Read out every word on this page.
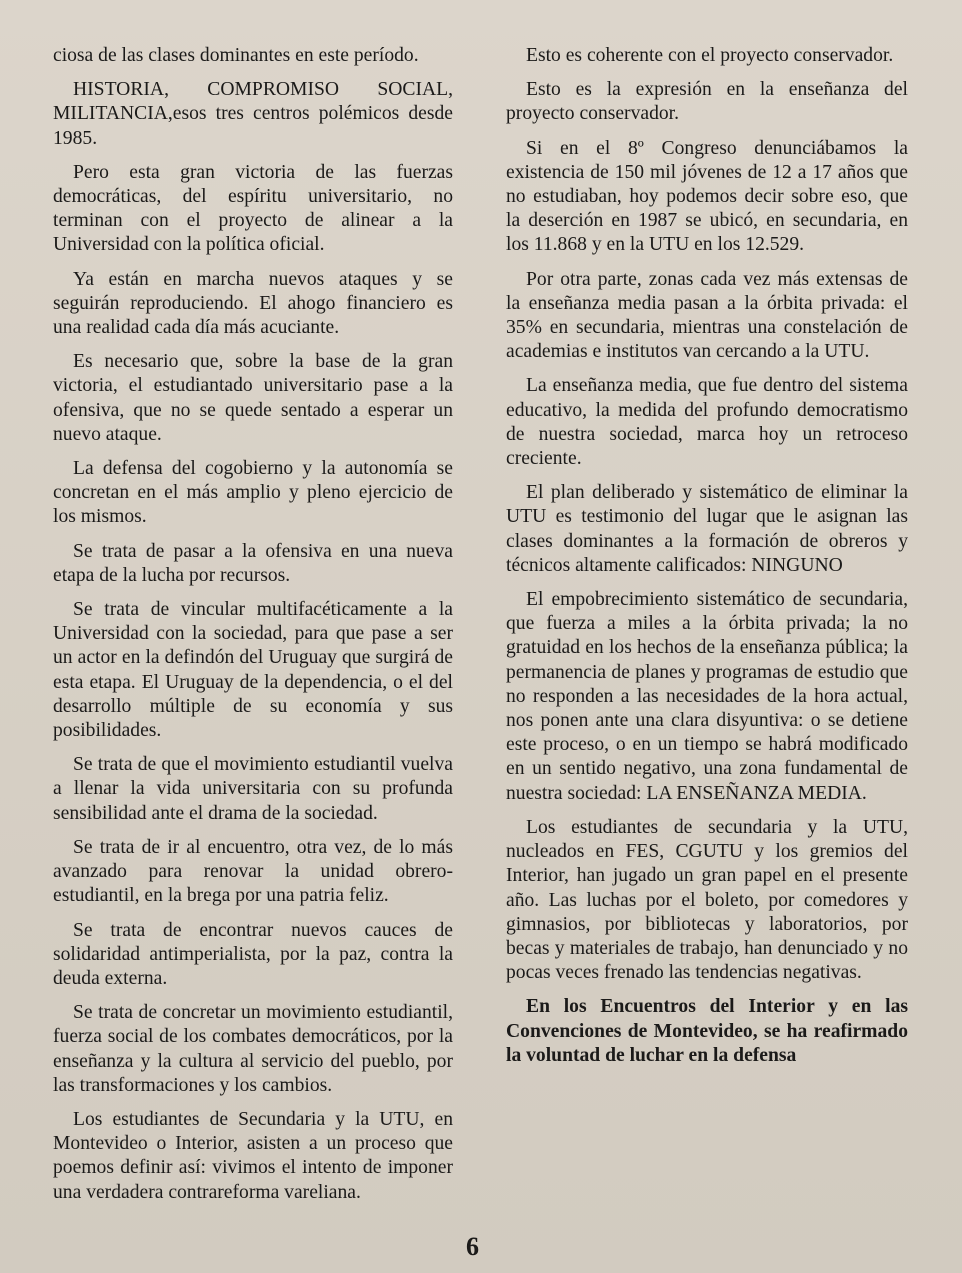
ciosa de las clases dominantes en este período.

HISTORIA, COMPROMISO SOCIAL, MILITANCIA,esos tres centros polémicos desde 1985.

Pero esta gran victoria de las fuerzas democráticas, del espíritu universitario, no terminan con el proyecto de alinear a la Universidad con la política oficial.

Ya están en marcha nuevos ataques y se seguirán reproduciendo. El ahogo financiero es una realidad cada día más acuciante.

Es necesario que, sobre la base de la gran victoria, el estudiantado universitario pase a la ofensiva, que no se quede sentado a esperar un nuevo ataque.

La defensa del cogobierno y la autonomía se concretan en el más amplio y pleno ejercicio de los mismos.

Se trata de pasar a la ofensiva en una nueva etapa de la lucha por recursos.

Se trata de vincular multifacéticamente a la Universidad con la sociedad, para que pase a ser un actor en la defindón del Uruguay que surgirá de esta etapa. El Uruguay de la dependencia, o el del desarrollo múltiple de su economía y sus posibilidades.

Se trata de que el movimiento estudiantil vuelva a llenar la vida universitaria con su profunda sensibilidad ante el drama de la sociedad.

Se trata de ir al encuentro, otra vez, de lo más avanzado para renovar la unidad obrero-estudiantil, en la brega por una patria feliz.

Se trata de encontrar nuevos cauces de solidaridad antimperialista, por la paz, contra la deuda externa.

Se trata de concretar un movimiento estudiantil, fuerza social de los combates democráticos, por la enseñanza y la cultura al servicio del pueblo, por las transformaciones y los cambios.

Los estudiantes de Secundaria y la UTU, en Montevideo o Interior, asisten a un proceso que poemos definir así: vivimos el intento de imponer una verdadera contrareforma vareliana.

Esto es coherente con el proyecto conservador.

Esto es la expresión en la enseñanza del proyecto conservador.

Si en el 8º Congreso denunciábamos la existencia de 150 mil jóvenes de 12 a 17 años que no estudiaban, hoy podemos decir sobre eso, que la deserción en 1987 se ubicó, en secundaria, en los 11.868 y en la UTU en los 12.529.

Por otra parte, zonas cada vez más extensas de la enseñanza media pasan a la órbita privada: el 35% en secundaria, mientras una constelación de academias e institutos van cercando a la UTU.

La enseñanza media, que fue dentro del sistema educativo, la medida del profundo democratismo de nuestra sociedad, marca hoy un retroceso creciente.

El plan deliberado y sistemático de eliminar la UTU es testimonio del lugar que le asignan las clases dominantes a la formación de obreros y técnicos altamente calificados: NINGUNO

El empobrecimiento sistemático de secundaria, que fuerza a miles a la órbita privada; la no gratuidad en los hechos de la enseñanza pública; la permanencia de planes y programas de estudio que no responden a las necesidades de la hora actual, nos ponen ante una clara disyuntiva: o se detiene este proceso, o en un tiempo se habrá modificado en un sentido negativo, una zona fundamental de nuestra sociedad: LA ENSEÑANZA MEDIA.

Los estudiantes de secundaria y la UTU, nucleados en FES, CGUTU y los gremios del Interior, han jugado un gran papel en el presente año. Las luchas por el boleto, por comedores y gimnasios, por bibliotecas y laboratorios, por becas y materiales de trabajo, han denunciado y no pocas veces frenado las tendencias negativas.

En los Encuentros del Interior y en las Convenciones de Montevideo, se ha reafirmado la voluntad de luchar en la defensa

6
